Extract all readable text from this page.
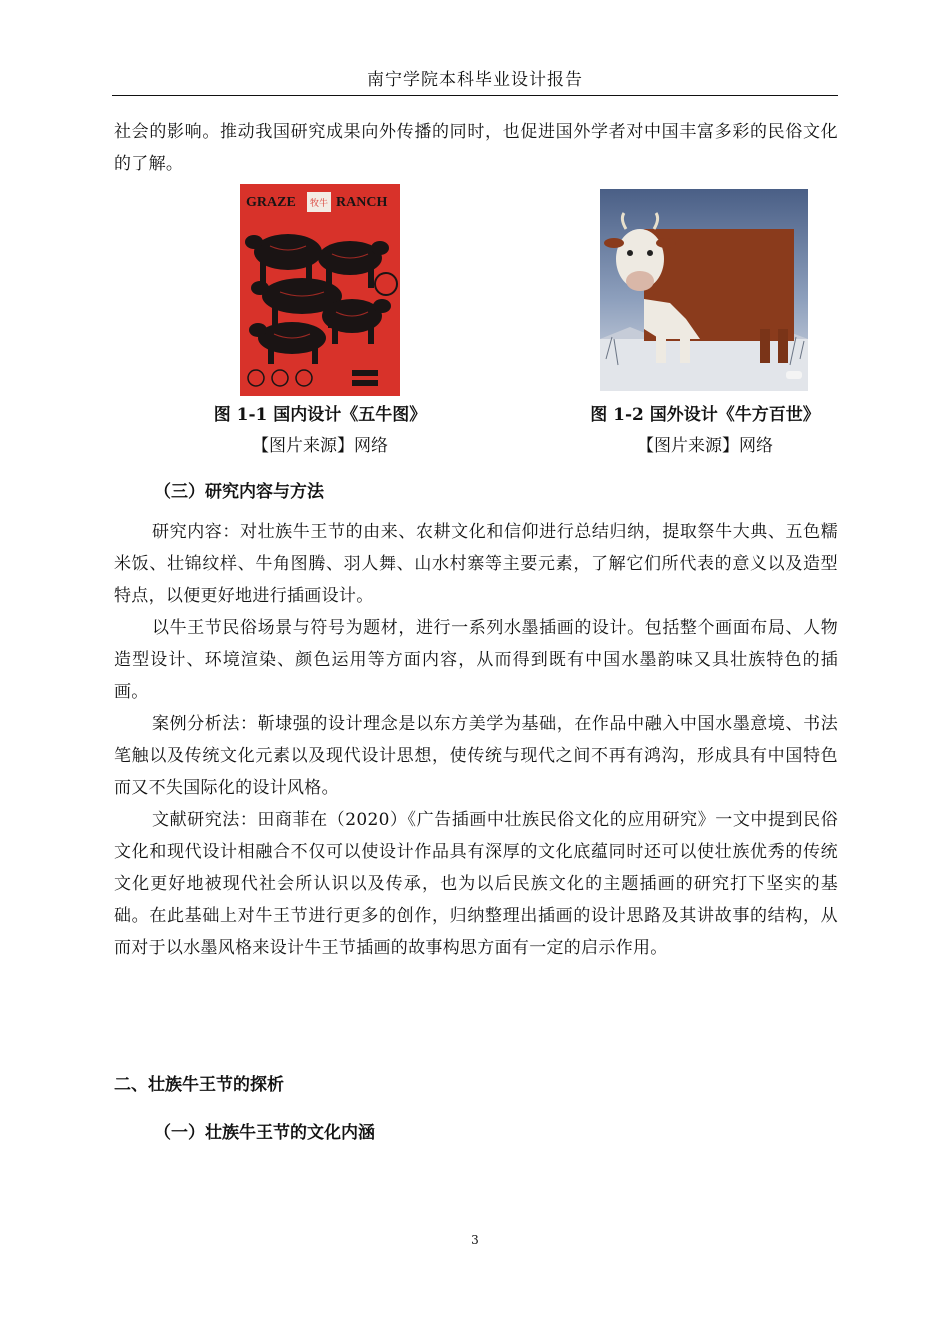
南宁学院本科毕业设计报告
社会的影响。推动我国研究成果向外传播的同时，也促进国外学者对中国丰富多彩的民俗文化的了解。
GRAZE 牧牛 RANCH
图 1-1 国内设计《五牛图》
【图片来源】网络
图 1-2 国外设计《牛方百世》
【图片来源】网络
（三）研究内容与方法
研究内容：对壮族牛王节的由来、农耕文化和信仰进行总结归纳，提取祭牛大典、五色糯米饭、壮锦纹样、牛角图腾、羽人舞、山水村寨等主要元素，了解它们所代表的意义以及造型特点，以便更好地进行插画设计。
以牛王节民俗场景与符号为题材，进行一系列水墨插画的设计。包括整个画面布局、人物造型设计、环境渲染、颜色运用等方面内容，从而得到既有中国水墨韵味又具壮族特色的插画。
案例分析法：靳埭强的设计理念是以东方美学为基础，在作品中融入中国水墨意境、书法笔触以及传统文化元素以及现代设计思想，使传统与现代之间不再有鸿沟，形成具有中国特色而又不失国际化的设计风格。
文献研究法：田商菲在（2020）《广告插画中壮族民俗文化的应用研究》一文中提到民俗文化和现代设计相融合不仅可以使设计作品具有深厚的文化底蕴同时还可以使壮族优秀的传统文化更好地被现代社会所认识以及传承，也为以后民族文化的主题插画的研究打下坚实的基础。在此基础上对牛王节进行更多的创作，归纳整理出插画的设计思路及其讲故事的结构，从而对于以水墨风格来设计牛王节插画的故事构思方面有一定的启示作用。
二、壮族牛王节的探析
（一）壮族牛王节的文化内涵
3
